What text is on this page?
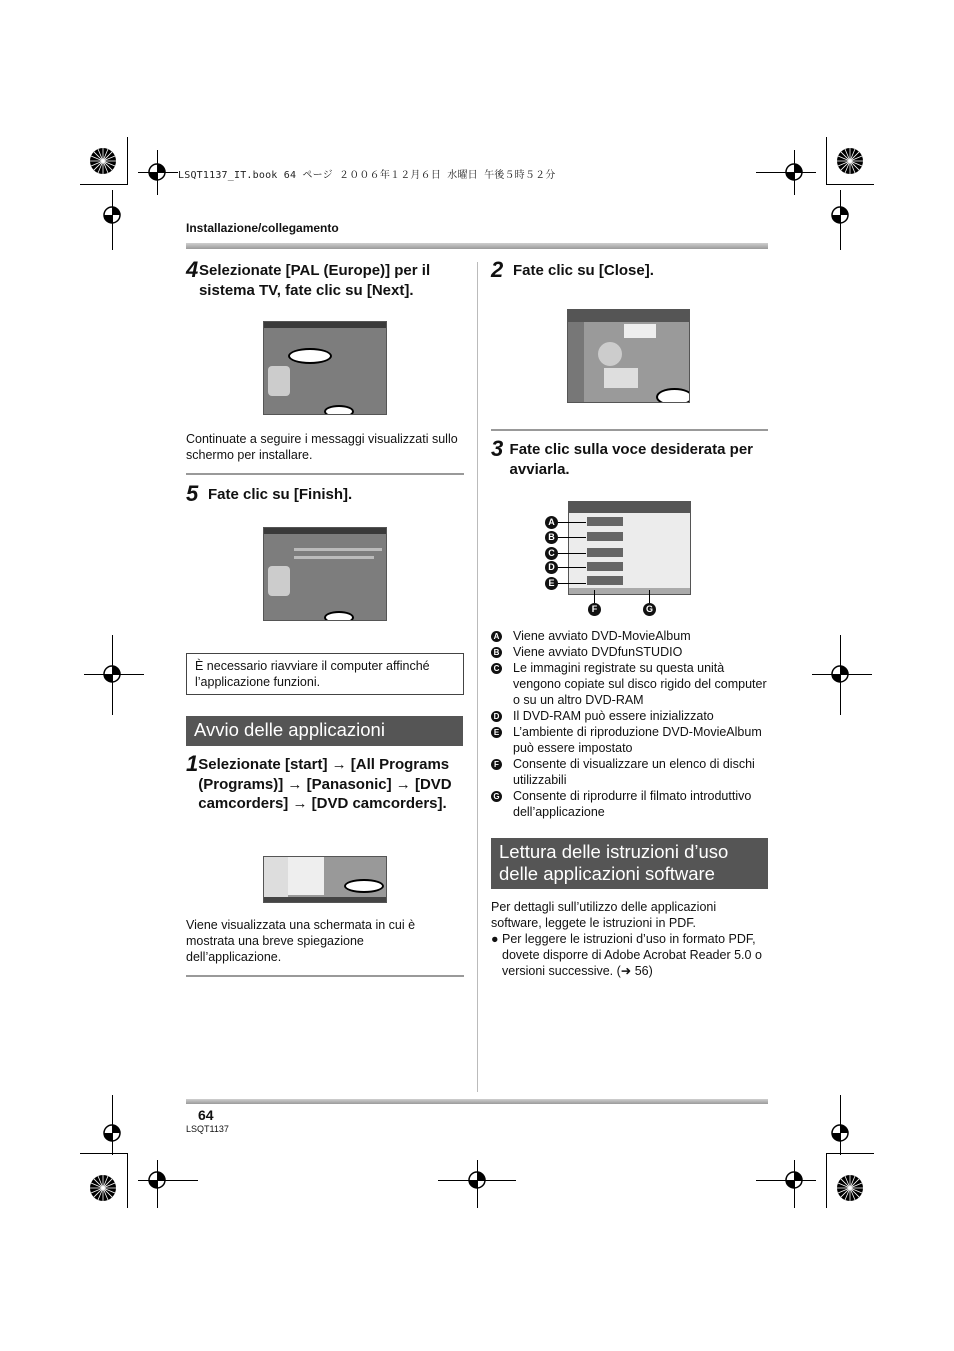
LSQT1137_IT.book 64 ページ ２００６年１２月６日 水曜日 午後５時５２分
Installazione/collegamento
4 Selezionate [PAL (Europe)] per il sistema TV, fate clic su [Next].
Continuate a seguire i messaggi visualizzati sullo schermo per installare.
5 Fate clic su [Finish].
È necessario riavviare il computer affinché l’applicazione funzioni.
Avvio delle applicazioni
1 Selezionate [start] → [All Programs (Programs)] → [Panasonic] → [DVD camcorders] → [DVD camcorders].
Viene visualizzata una schermata in cui è mostrata una breve spiegazione dell’applicazione.
2 Fate clic su [Close].
3 Fate clic sulla voce desiderata per avviarla.
A
B
C
D
E
F	G
A Viene avviato DVD-MovieAlbum
B Viene avviato DVDfunSTUDIO
C Le immagini registrate su questa unità vengono copiate sul disco rigido del computer o su un altro DVD-RAM
D Il DVD-RAM può essere inizializzato
E L’ambiente di riproduzione DVD-MovieAlbum può essere impostato
F Consente di visualizzare un elenco di dischi utilizzabili
G Consente di riprodurre il filmato introduttivo dell’applicazione
Lettura delle istruzioni d’uso delle applicazioni software
Per dettagli sull’utilizzo delle applicazioni software, leggete le istruzioni in PDF.
● Per leggere le istruzioni d’uso in formato PDF, dovete disporre di Adobe Acrobat Reader 5.0 o versioni successive. (➜ 56)
64
LSQT1137
